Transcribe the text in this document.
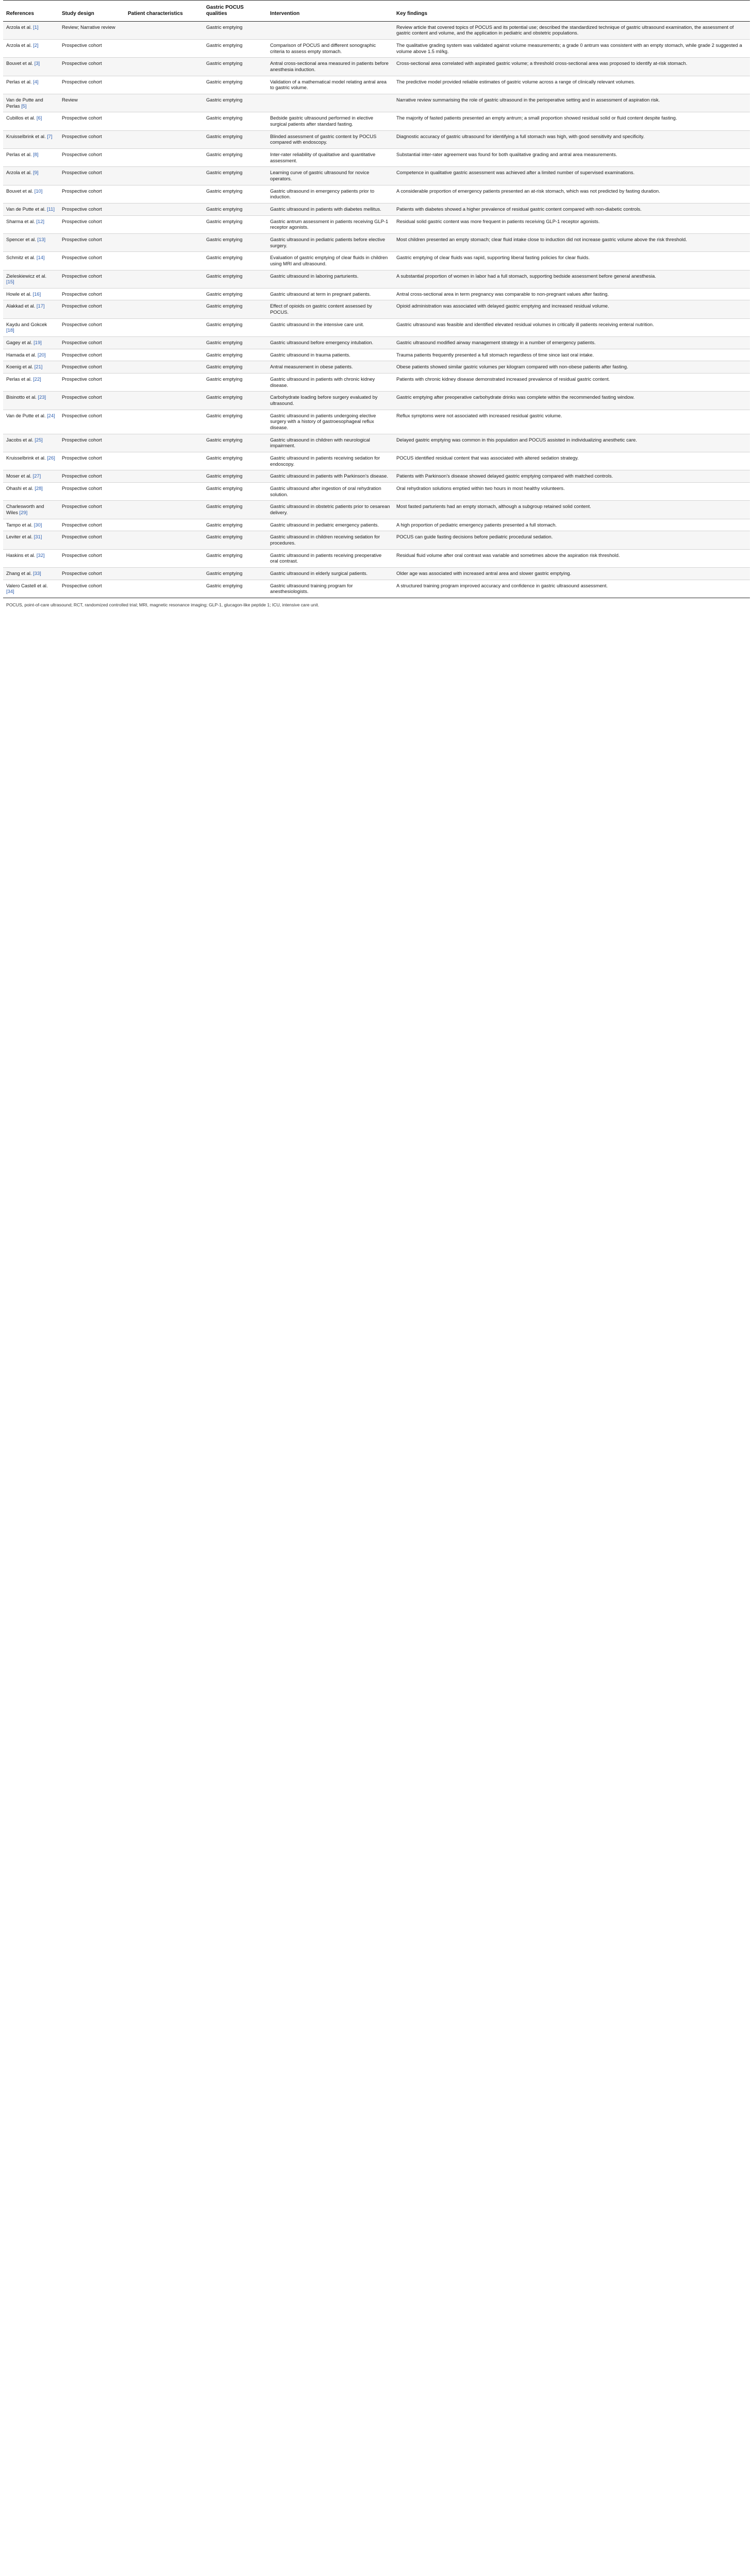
References	Study design	Patient characteristics	Gastric POCUS qualities	Intervention	Key findings
Arzola et al. [1]	Review; Narrative review		Gastric emptying		Review article that covered topics of POCUS and its potential use; described the standardized technique of gastric ultrasound examination, the assessment of gastric content and volume, and the application in pediatric and obstetric populations.
Arzola et al. [2]	Prospective cohort		Gastric emptying	Comparison of POCUS and different sonographic criteria to assess empty stomach.	The qualitative grading system was validated against volume measurements; a grade 0 antrum was consistent with an empty stomach, while grade 2 suggested a volume above 1.5 ml/kg.
Bouvet et al. [3]	Prospective cohort		Gastric emptying	Antral cross-sectional area measured in patients before anesthesia induction.	Cross-sectional area correlated with aspirated gastric volume; a threshold cross-sectional area was proposed to identify at-risk stomach.
Perlas et al. [4]	Prospective cohort		Gastric emptying	Validation of a mathematical model relating antral area to gastric volume.	The predictive model provided reliable estimates of gastric volume across a range of clinically relevant volumes.
Van de Putte and Perlas [5]	Review		Gastric emptying		Narrative review summarising the role of gastric ultrasound in the perioperative setting and in assessment of aspiration risk.
Cubillos et al. [6]	Prospective cohort		Gastric emptying	Bedside gastric ultrasound performed in elective surgical patients after standard fasting.	The majority of fasted patients presented an empty antrum; a small proportion showed residual solid or fluid content despite fasting.
Kruisselbrink et al. [7]	Prospective cohort		Gastric emptying	Blinded assessment of gastric content by POCUS compared with endoscopy.	Diagnostic accuracy of gastric ultrasound for identifying a full stomach was high, with good sensitivity and specificity.
Perlas et al. [8]	Prospective cohort		Gastric emptying	Inter-rater reliability of qualitative and quantitative assessment.	Substantial inter-rater agreement was found for both qualitative grading and antral area measurements.
Arzola et al. [9]	Prospective cohort		Gastric emptying	Learning curve of gastric ultrasound for novice operators.	Competence in qualitative gastric assessment was achieved after a limited number of supervised examinations.
Bouvet et al. [10]	Prospective cohort		Gastric emptying	Gastric ultrasound in emergency patients prior to induction.	A considerable proportion of emergency patients presented an at-risk stomach, which was not predicted by fasting duration.
Van de Putte et al. [11]	Prospective cohort		Gastric emptying	Gastric ultrasound in patients with diabetes mellitus.	Patients with diabetes showed a higher prevalence of residual gastric content compared with non-diabetic controls.
Sharma et al. [12]	Prospective cohort		Gastric emptying	Gastric antrum assessment in patients receiving GLP-1 receptor agonists.	Residual solid gastric content was more frequent in patients receiving GLP-1 receptor agonists.
Spencer et al. [13]	Prospective cohort		Gastric emptying	Gastric ultrasound in pediatric patients before elective surgery.	Most children presented an empty stomach; clear fluid intake close to induction did not increase gastric volume above the risk threshold.
Schmitz et al. [14]	Prospective cohort		Gastric emptying	Evaluation of gastric emptying of clear fluids in children using MRI and ultrasound.	Gastric emptying of clear fluids was rapid, supporting liberal fasting policies for clear fluids.
Zieleskiewicz et al. [15]	Prospective cohort		Gastric emptying	Gastric ultrasound in laboring parturients.	A substantial proportion of women in labor had a full stomach, supporting bedside assessment before general anesthesia.
Howle et al. [16]	Prospective cohort		Gastric emptying	Gastric ultrasound at term in pregnant patients.	Antral cross-sectional area in term pregnancy was comparable to non-pregnant values after fasting.
Alakkad et al. [17]	Prospective cohort		Gastric emptying	Effect of opioids on gastric content assessed by POCUS.	Opioid administration was associated with delayed gastric emptying and increased residual volume.
Kaydu and Gokcek [18]	Prospective cohort		Gastric emptying	Gastric ultrasound in the intensive care unit.	Gastric ultrasound was feasible and identified elevated residual volumes in critically ill patients receiving enteral nutrition.
Gagey et al. [19]	Prospective cohort		Gastric emptying	Gastric ultrasound before emergency intubation.	Gastric ultrasound modified airway management strategy in a number of emergency patients.
Hamada et al. [20]	Prospective cohort		Gastric emptying	Gastric ultrasound in trauma patients.	Trauma patients frequently presented a full stomach regardless of time since last oral intake.
Koenig et al. [21]	Prospective cohort		Gastric emptying	Antral measurement in obese patients.	Obese patients showed similar gastric volumes per kilogram compared with non-obese patients after fasting.
Perlas et al. [22]	Prospective cohort		Gastric emptying	Gastric ultrasound in patients with chronic kidney disease.	Patients with chronic kidney disease demonstrated increased prevalence of residual gastric content.
Bisinotto et al. [23]	Prospective cohort		Gastric emptying	Carbohydrate loading before surgery evaluated by ultrasound.	Gastric emptying after preoperative carbohydrate drinks was complete within the recommended fasting window.
Van de Putte et al. [24]	Prospective cohort		Gastric emptying	Gastric ultrasound in patients undergoing elective surgery with a history of gastroesophageal reflux disease.	Reflux symptoms were not associated with increased residual gastric volume.
Jacobs et al. [25]	Prospective cohort		Gastric emptying	Gastric ultrasound in children with neurological impairment.	Delayed gastric emptying was common in this population and POCUS assisted in individualizing anesthetic care.
Kruisselbrink et al. [26]	Prospective cohort		Gastric emptying	Gastric ultrasound in patients receiving sedation for endoscopy.	POCUS identified residual content that was associated with altered sedation strategy.
Moser et al. [27]	Prospective cohort		Gastric emptying	Gastric ultrasound in patients with Parkinson's disease.	Patients with Parkinson's disease showed delayed gastric emptying compared with matched controls.
Ohashi et al. [28]	Prospective cohort		Gastric emptying	Gastric ultrasound after ingestion of oral rehydration solution.	Oral rehydration solutions emptied within two hours in most healthy volunteers.
Charlesworth and Wiles [29]	Prospective cohort		Gastric emptying	Gastric ultrasound in obstetric patients prior to cesarean delivery.	Most fasted parturients had an empty stomach, although a subgroup retained solid content.
Tampo et al. [30]	Prospective cohort		Gastric emptying	Gastric ultrasound in pediatric emergency patients.	A high proportion of pediatric emergency patients presented a full stomach.
Leviter et al. [31]	Prospective cohort		Gastric emptying	Gastric ultrasound in children receiving sedation for procedures.	POCUS can guide fasting decisions before pediatric procedural sedation.
Haskins et al. [32]	Prospective cohort		Gastric emptying	Gastric ultrasound in patients receiving preoperative oral contrast.	Residual fluid volume after oral contrast was variable and sometimes above the aspiration risk threshold.
Zhang et al. [33]	Prospective cohort		Gastric emptying	Gastric ultrasound in elderly surgical patients.	Older age was associated with increased antral area and slower gastric emptying.
Valero Castell et al. [34]	Prospective cohort		Gastric emptying	Gastric ultrasound training program for anesthesiologists.	A structured training program improved accuracy and confidence in gastric ultrasound assessment.
POCUS, point-of-care ultrasound; RCT, randomized controlled trial; MRI, magnetic resonance imaging; GLP-1, glucagon-like peptide 1; ICU, intensive care unit.
